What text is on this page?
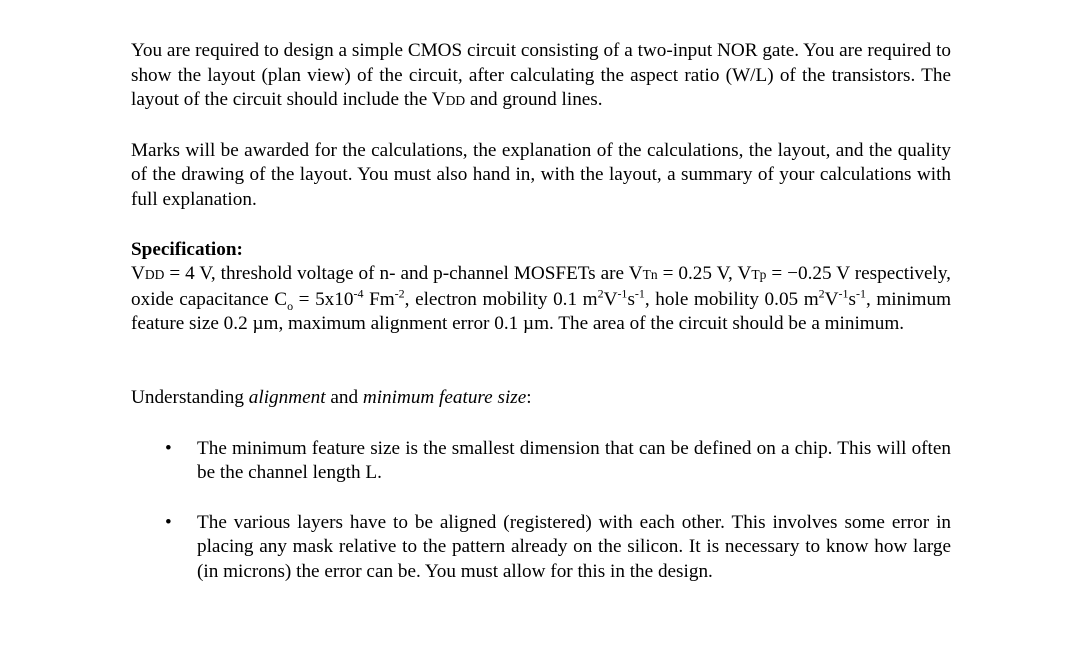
You are required to design a simple CMOS circuit consisting of a two-input NOR gate. You are required to show the layout (plan view) of the circuit, after calculating the aspect ratio (W/L) of the transistors. The layout of the circuit should include the VDD and ground lines.

Marks will be awarded for the calculations, the explanation of the calculations, the layout, and the quality of the drawing of the layout. You must also hand in, with the layout, a summary of your calculations with full explanation.

Specification:

VDD = 4 V, threshold voltage of n- and p-channel MOSFETs are VTn = 0.25 V, VTp = −0.25 V respectively, oxide capacitance $C_o = 5x10^{-4}$ $Fm^{-2}$, electron mobility 0.1 $m^2V^{-1}s^{-1}$, hole mobility 0.05 $m^2V^{-1}s^{-1}$, minimum feature size 0.2 µm, maximum alignment error 0.1 µm. The area of the circuit should be a minimum.

Understanding alignment and minimum feature size:

• The minimum feature size is the smallest dimension that can be defined on a chip. This will often be the channel length L.
• The various layers have to be aligned (registered) with each other. This involves some error in placing any mask relative to the pattern already on the silicon. It is necessary to know how large (in microns) the error can be. You must allow for this in the design.
